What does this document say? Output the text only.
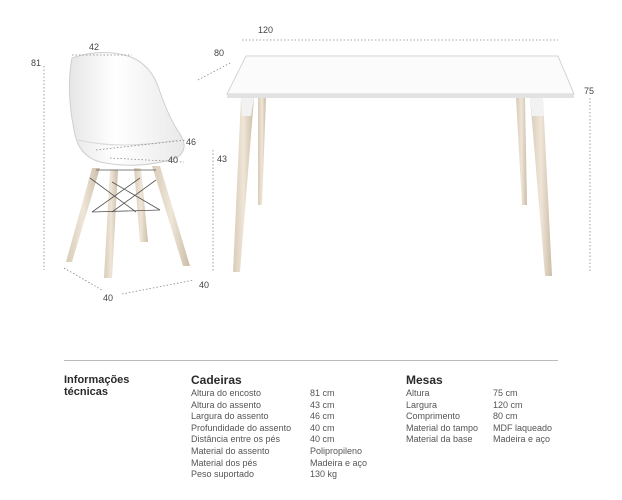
81
42
80
120
46
40	43
75
40
40
Informações técnicas
Cadeiras
Altura do encosto
Altura do assento
Largura do assento
Profundidade do assento
Distância entre os pés
Material do assento
Material dos pés
Peso suportado
81 cm
43 cm
46 cm
40 cm
40 cm
Polipropileno
Madeira e aço
130 kg
Mesas
Altura
Largura
Comprimento
Material do tampo
Material da base
75 cm
120 cm
80 cm
MDF laqueado
Madeira e aço
